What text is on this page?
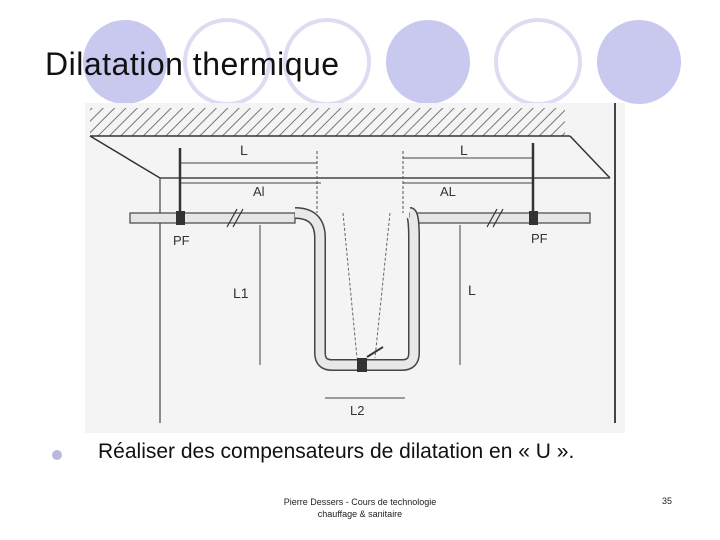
Dilatation thermique
L	L
Al	AL
PF	PF
L1	L
L2
Réaliser des compensateurs de dilatation en « U ».
Pierre Dessers - Cours de technologie
chauffage & sanitaire
35
